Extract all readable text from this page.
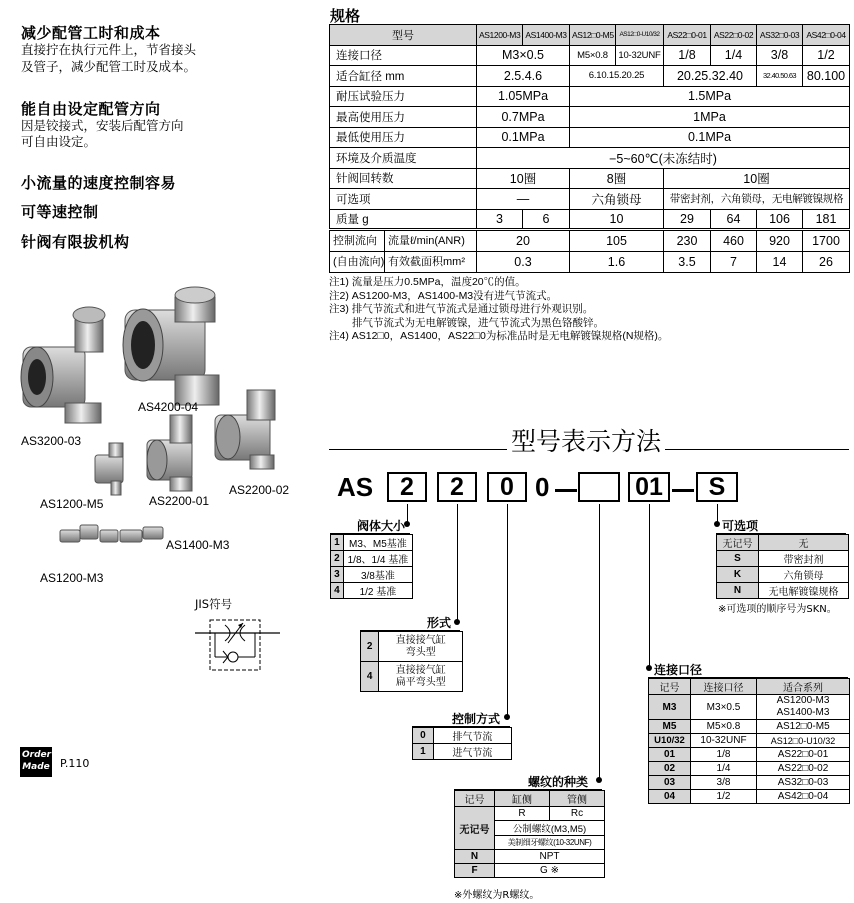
减少配管工时和成本
直接拧在执行元件上，节省接头
及管子，减少配管工时及成本。
能自由设定配管方向
因是铰接式，安装后配管方向
可自由设定。
小流量的速度控制容易
可等速控制
针阀有限拔机构
AS4200-04
AS3200-03
AS1200-M5	AS2200-01
AS2200-02
AS1400-M3
AS1200-M3
JIS符号
Order
Made P.110
规格
型号	AS1200-M3	AS1400-M3	AS12□0-M5	AS12□0-U10/32	AS22□0-01	AS22□0-02	AS32□0-03	AS42□0-04
连接口径	M3×0.5		M5×0.8	10-32UNF	1/8	1/4	3/8	1/2
适合缸径 mm	2.5.4.6		6.10.15.20.25		20.25.32.40		32.40.50.63	80.100
耐压试验压力	1.05MPa		1.5MPa					
最高使用压力	0.7MPa		1MPa					
最低使用压力	0.1MPa		0.1MPa					
环境及介质温度	−5~60℃(未冻结时)							
针阀回转数	10圈		8圈		10圈			
可选项	—		六角锁母		带密封剂，六角锁母，无电解镀镍规格			
质量 g	3	6	10		29	64	106	181

控制流向 流量ℓ/min(ANR)	20		105		230	460	920	1700

(自由流向) 有效截面积mm²	0.3		1.6		3.5	7	14	26
注1) 流量是压力0.5MPa，温度20℃的值。
注2) AS1200-M3，AS1400-M3没有进气节流式。
注3) 排气节流式和进气节流式是通过锁母进行外观识别。
排气节流式为无电解镀镍，进气节流式为黑色铬酸锌。
注4) AS12□0，AS1400，AS22□0为标准品时是无电解镀镍规格(N规格)。
型号表示方法
AS	2	2	0 0	01	S
阀体大小
1	M3、M5基准
2	1/8、1/4 基准
3	3/8基准
4	1/2 基准
形式
2	直接接气缸
弯头型

4	直接接气缸
扁平弯头型
控制方式
0	排气节流
1	进气节流
螺纹的种类
记号	缸侧	管侧
无记号	R	Rc
	公制螺纹(M3,M5)	
	美制细牙螺纹(10-32UNF)	
N	NPT	
F	G ※	
※外螺纹为R螺纹。
连接口径
记号	连接口径	适合系列
M3	M3×0.5	AS1200-M3
AS1400-M3

M5	M5×0.8	AS12□0-M5
U10/32	10-32UNF	AS12□0-U10/32
01	1/8	AS22□0-01
02	1/4	AS22□0-02
03	3/8	AS32□0-03
04	1/2	AS42□0-04
可选项
无记号	无
S	带密封剂
K	六角锁母
N	无电解镀镍规格
※可选项的顺序号为SKN。
